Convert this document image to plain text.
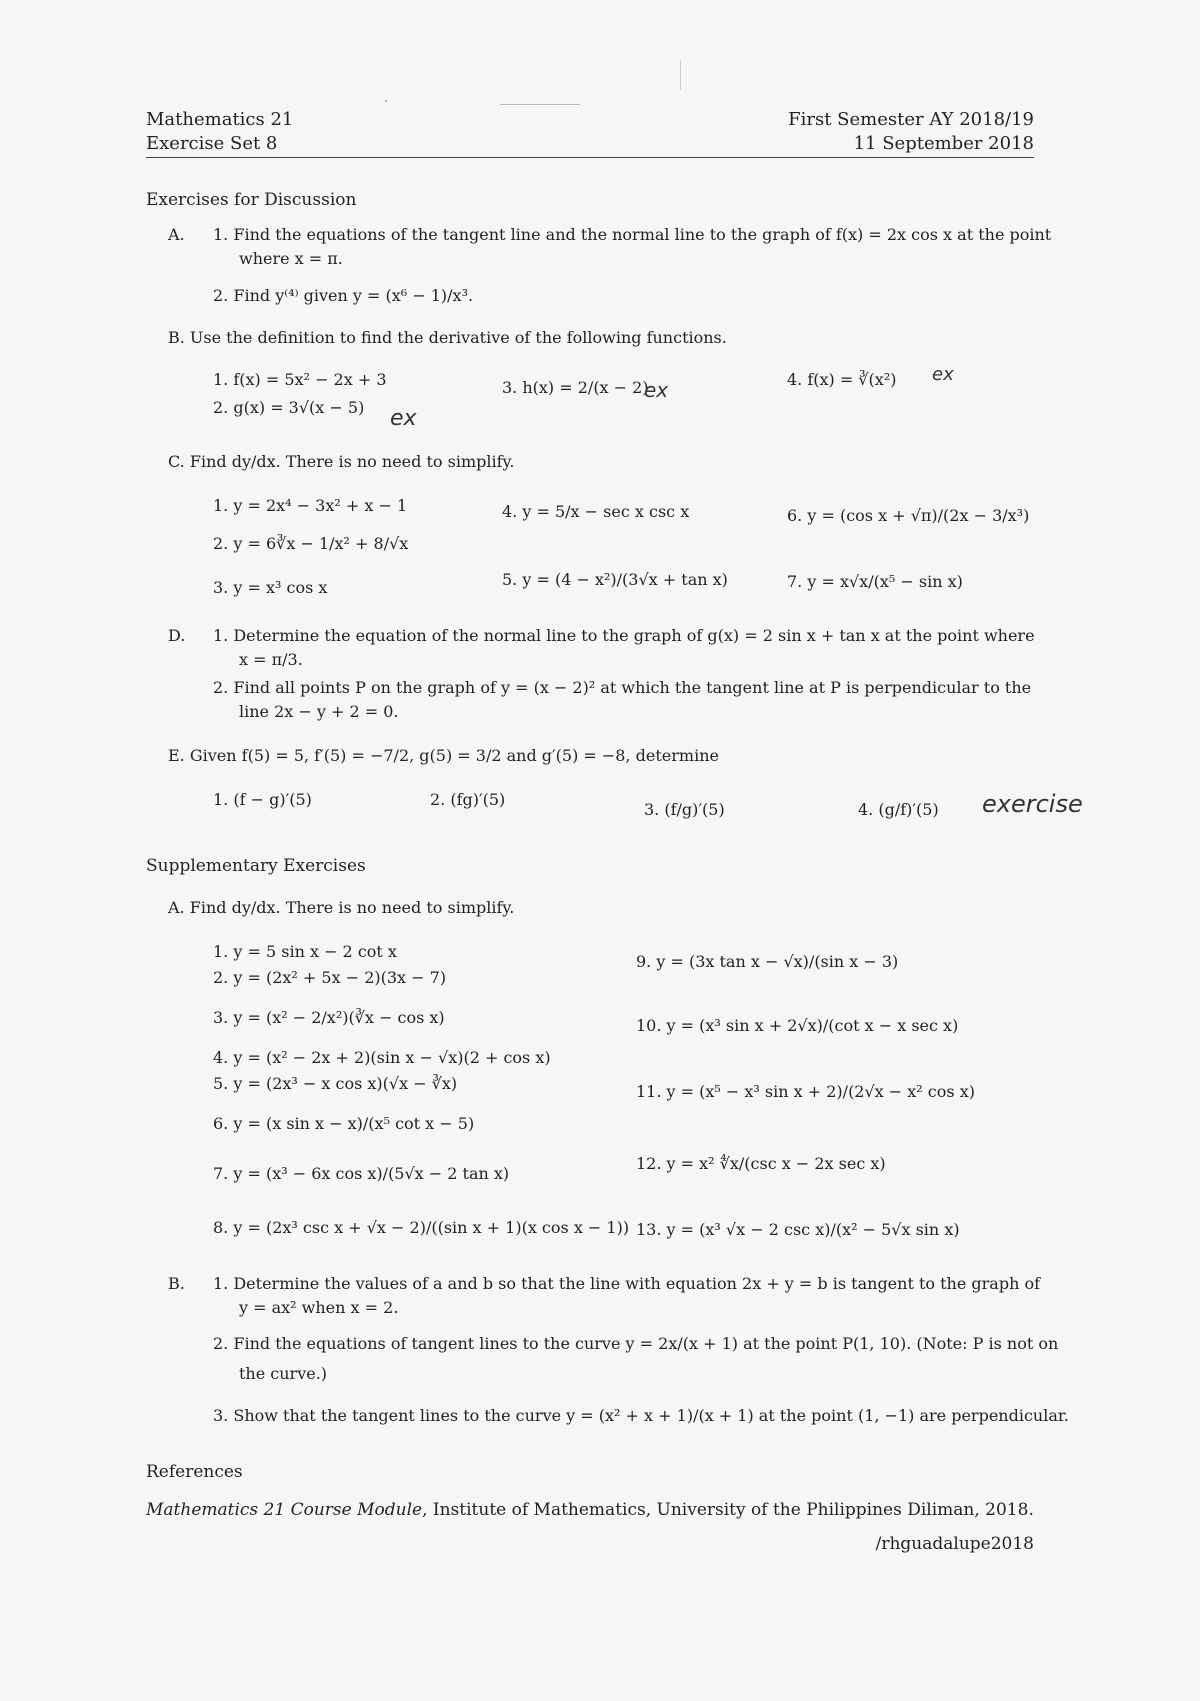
Mathematics 21
Exercise Set 8
First Semester AY 2018/19
11 September 2018
Exercises for Discussion
A. 1. Find the equations of the tangent line and the normal line to the graph of f(x) = 2x cos x at the point
where x = π.
2. Find y⁽⁴⁾ given y = (x⁶ − 1)/x³.
B. Use the definition to find the derivative of the following functions.
1. f(x) = 5x² − 2x + 3
2. g(x) = 3√(x − 5)
3. h(x) = 2/(x − 2)	4. f(x) = ∛(x²)
ex
ex
ex
C. Find dy/dx. There is no need to simplify.
1. y = 2x⁴ − 3x² + x − 1
2. y = 6∛x − 1/x² + 8/√x
3. y = x³ cos x
4. y = 5/x − sec x csc x
5. y = (4 − x²)/(3√x + tan x)
6. y = (cos x + √π)/(2x − 3/x³)
7. y = x√x/(x⁵ − sin x)
D. 1. Determine the equation of the normal line to the graph of g(x) = 2 sin x + tan x at the point where
x = π/3.
2. Find all points P on the graph of y = (x − 2)² at which the tangent line at P is perpendicular to the
line 2x − y + 2 = 0.
E. Given f(5) = 5, f′(5) = −7/2, g(5) = 3/2 and g′(5) = −8, determine
1. (f − g)′(5)	2. (fg)′(5)
3. (f/g)′(5)	4. (g/f)′(5) exercise
Supplementary Exercises
A. Find dy/dx. There is no need to simplify.
1. y = 5 sin x − 2 cot x
2. y = (2x² + 5x − 2)(3x − 7)
3. y = (x² − 2/x²)(∛x − cos x)
4. y = (x² − 2x + 2)(sin x − √x)(2 + cos x)
5. y = (2x³ − x cos x)(√x − ∛x)
6. y = (x sin x − x)/(x⁵ cot x − 5)
7. y = (x³ − 6x cos x)/(5√x − 2 tan x)
8. y = (2x³ csc x + √x − 2)/((sin x + 1)(x cos x − 1))
9. y = (3x tan x − √x)/(sin x − 3)
10. y = (x³ sin x + 2√x)/(cot x − x sec x)
11. y = (x⁵ − x³ sin x + 2)/(2√x − x² cos x)
12. y = x² ∜x/(csc x − 2x sec x)
13. y = (x³ √x − 2 csc x)/(x² − 5√x sin x)
B. 1. Determine the values of a and b so that the line with equation 2x + y = b is tangent to the graph of
y = ax² when x = 2.
2. Find the equations of tangent lines to the curve y = 2x/(x + 1) at the point P(1, 10). (Note: P is not on
the curve.)
3. Show that the tangent lines to the curve y = (x² + x + 1)/(x + 1) at the point (1, −1) are perpendicular.
References
Mathematics 21 Course Module, Institute of Mathematics, University of the Philippines Diliman, 2018.
/rhguadalupe2018
